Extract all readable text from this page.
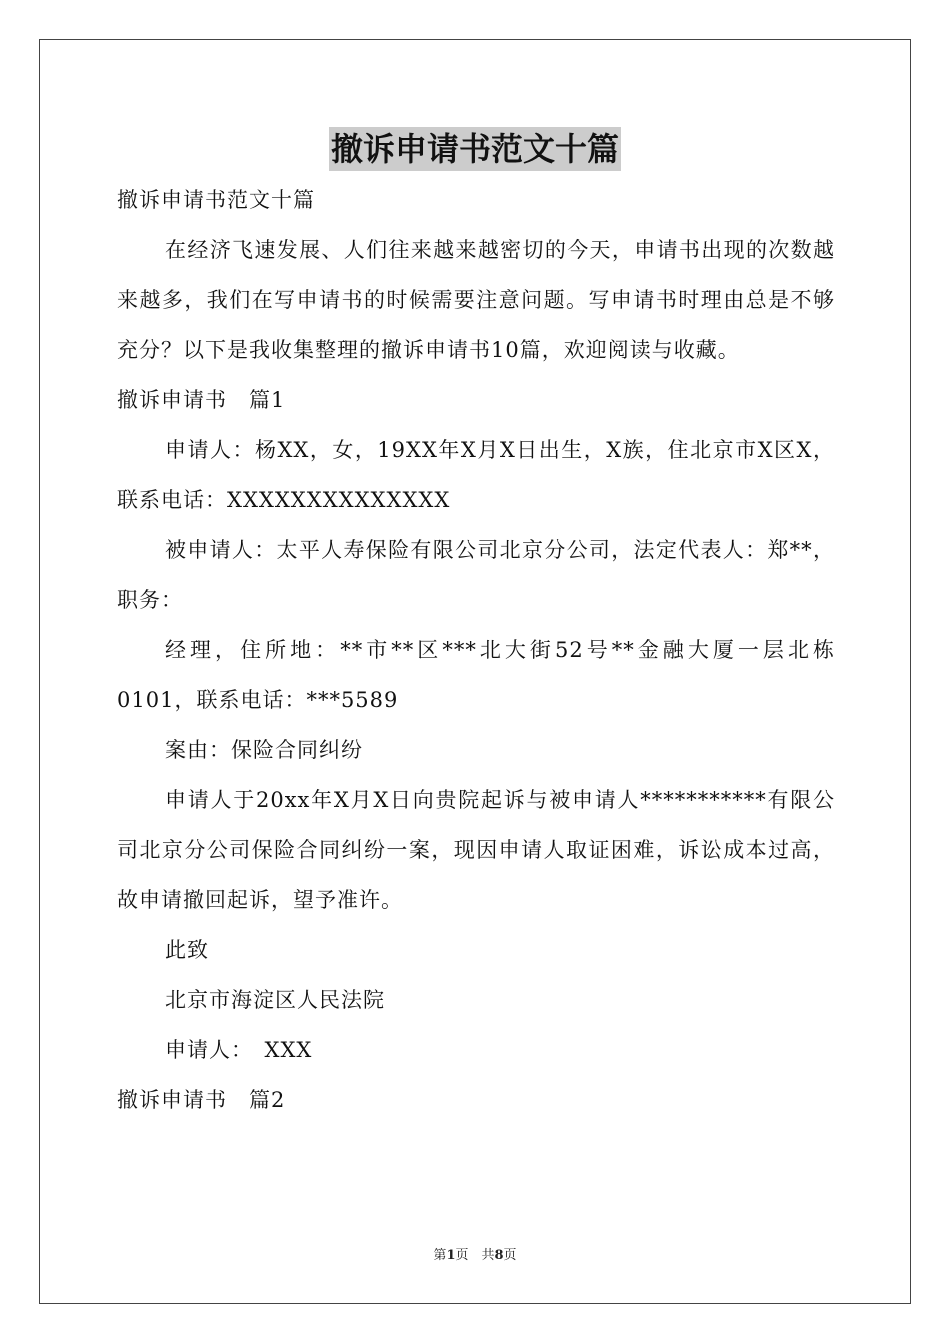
撤诉申请书范文十篇

撤诉申请书范文十篇

在经济飞速发展、人们往来越来越密切的今天，申请书出现的次数越来越多，我们在写申请书的时候需要注意问题。写申请书时理由总是不够充分？以下是我收集整理的撤诉申请书10篇，欢迎阅读与收藏。

撤诉申请书　篇1

申请人：杨XX，女，19XX年X月X日出生，X族，住北京市X区X，联系电话：XXXXXXXXXXXXXX

被申请人：太平人寿保险有限公司北京分公司，法定代表人：郑**，职务：

经理，住所地：**市**区***北大街52号**金融大厦一层北栋0101，联系电话：***5589

案由：保险合同纠纷

申请人于20xx年X月X日向贵院起诉与被申请人***********有限公司北京分公司保险合同纠纷一案，现因申请人取证困难，诉讼成本过高，故申请撤回起诉，望予准许。

此致

北京市海淀区人民法院

申请人：　XXX

撤诉申请书　篇2

第1页　共8页
